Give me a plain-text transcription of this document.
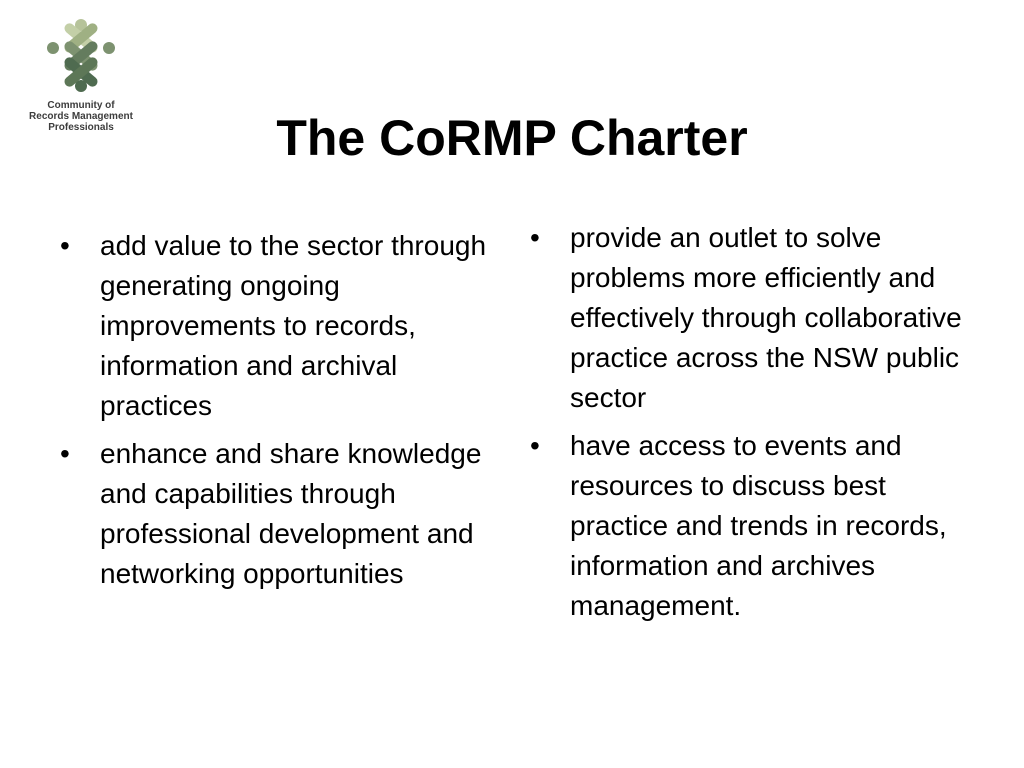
Community of
Records Management
Professionals	The CoRMP Charter
•	add value to the sector through generating ongoing improvements to records, information and archival practices
•	enhance and share knowledge and capabilities through professional development and networking opportunities
•	provide an outlet to solve problems more efficiently and effectively through collaborative practice across the NSW public sector
•	have access to events and resources to discuss best practice and trends in records, information and archives management.
